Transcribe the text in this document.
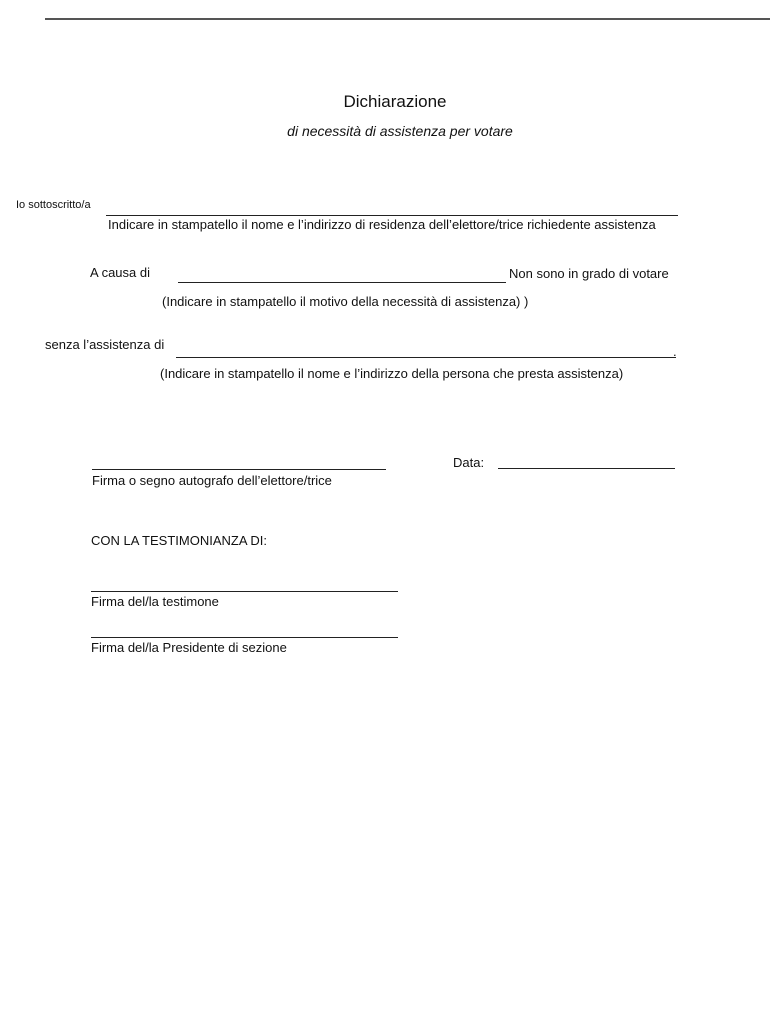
Dichiarazione
di necessità di assistenza per votare
Io sottoscritto/a
Indicare in stampatello il nome e l’indirizzo di residenza dell’elettore/trice richiedente assistenza
A causa di	Non sono in grado di votare
(Indicare in stampatello il motivo della necessità di assistenza) )
senza l’assistenza di	.
(Indicare in stampatello il nome e l’indirizzo della persona che presta assistenza)
Firma o segno autografo dell’elettore/trice
Data:
CON LA TESTIMONIANZA DI:
Firma del/la testimone
Firma del/la Presidente di sezione
